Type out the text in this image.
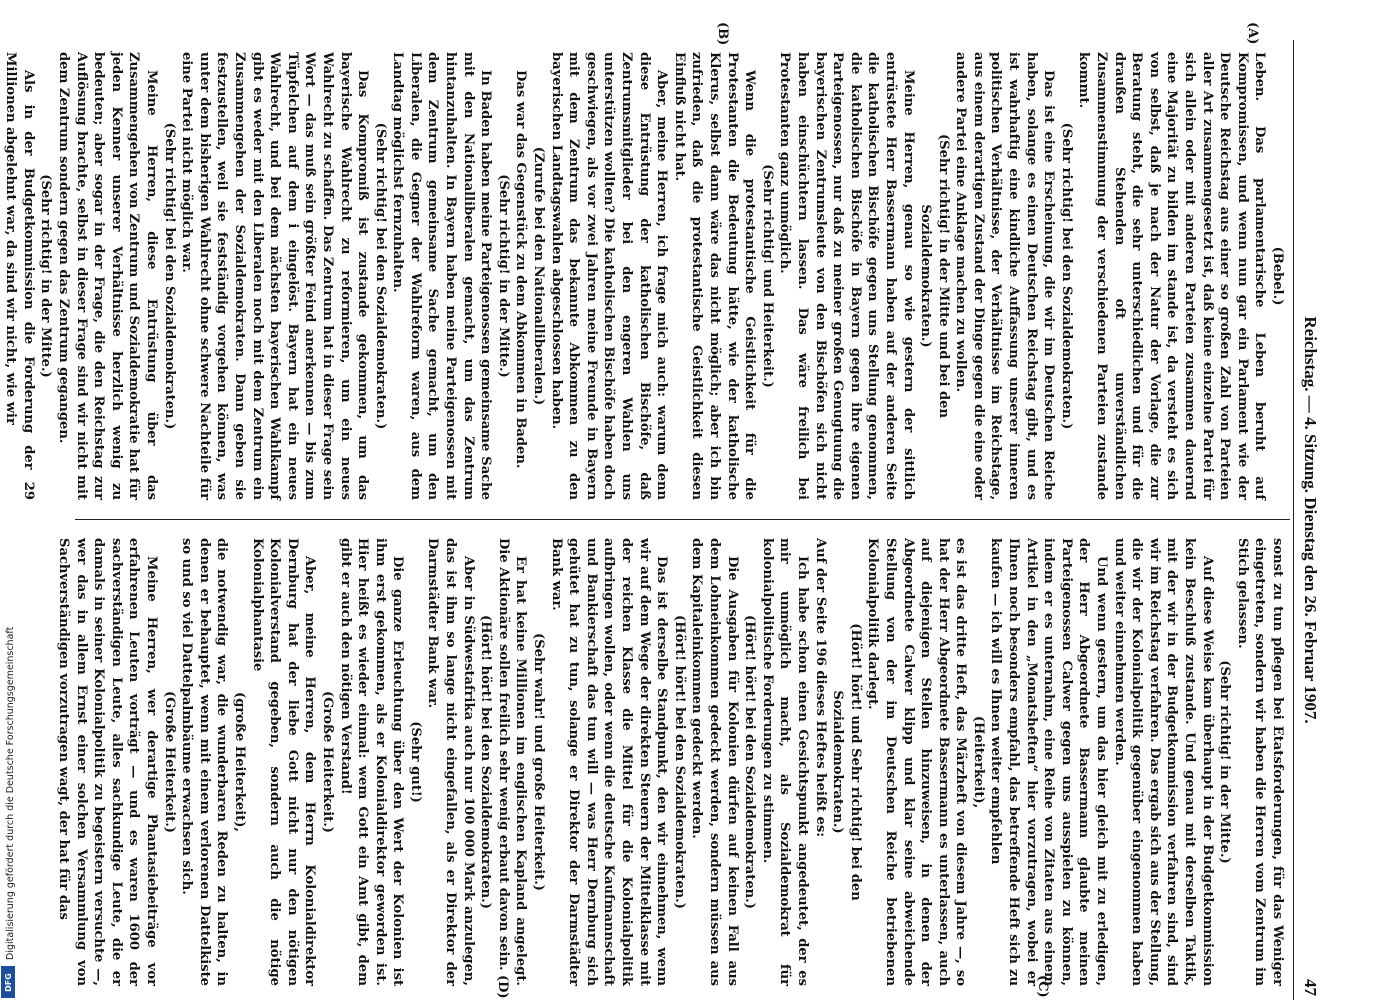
Digitalisierung gefördert durch die Deutsche Forschungsgemeinschaft
DFG
Reichstag. — 4. Sitzung. Dienstag den 26. Februar 1907.
47
(A)
(B)
(C)
(D)

(Bebel.)

Leben. Das parlamentarische Leben beruht auf Kompromissen, und wenn nun gar ein Parlament wie der Deutsche Reichstag aus einer so großen Zahl von Parteien aller Art zusammengesetzt ist, daß keine einzelne Partei für sich allein oder mit anderen Parteien zusammen dauernd eine Majorität zu bilden im stande ist, da versteht es sich von selbst, daß je nach der Natur der Vorlage, die zur Beratung steht, die sehr unterschiedlichen und für die draußen Stehenden oft unverständlichen Zusammenstimmung der verschiedenen Parteien zustande kommt.

(Sehr richtig! bei den Sozialdemokraten.)

Das ist eine Erscheinung, die wir im Deutschen Reiche haben, solange es einen Deutschen Reichstag gibt, und es ist wahrhaftig eine kindliche Auffassung unserer inneren politischen Verhältnisse, der Verhältnisse im Reichstage, aus einem derartigen Zustand der Dinge gegen die eine oder andere Partei eine Anklage machen zu wollen.

(Sehr richtig! in der Mitte und bei den Sozialdemokraten.)

Meine Herren, genau so wie gestern der sittlich entrüstete Herr Bassermann haben auf der anderen Seite die katholischen Bischöfe gegen uns Stellung genommen, die katholischen Bischöfe in Bayern gegen ihre eigenen Parteigenossen, nur daß zu meiner großen Genugtuung die bayerischen Zentrumsleute von den Bischöfen sich nicht haben einschüchtern lassen. Das wäre freilich bei Protestanten ganz unmöglich.

(Sehr richtig! und Heiterkeit.)

Wenn die protestantische Geistlichkeit für die Protestanten die Bedeutung hätte, wie der katholische Klerus, selbst dann wäre das nicht möglich; aber ich bin zufrieden, daß die protestantische Geistlichkeit diesen Einfluß nicht hat.

Aber, meine Herren, ich frage mich auch: warum denn diese Entrüstung der katholischen Bischöfe, daß Zentrumsmitglieder bei den engeren Wahlen uns unterstützen wollten? Die katholischen Bischöfe haben doch geschwiegen, als vor zwei Jahren meine Freunde in Bayern mit dem Zentrum das bekannte Abkommen zu den bayerischen Landtagswahlen abgeschlossen haben.

(Zurufe bei den Nationalliberalen.)

Das war das Gegenstück zu dem Abkommen in Baden.

(Sehr richtig! in der Mitte.)

In Baden haben meine Parteigenossen gemeinsame Sache mit den Nationalliberalen gemacht, um das Zentrum hintanzuhalten. In Bayern haben meine Parteigenossen mit dem Zentrum gemeinsame Sache gemacht, um den Liberalen, die Gegner der Wahlreform waren, aus dem Landtag möglichst fernzuhalten.

(Sehr richtig! bei den Sozialdemokraten.)

Das Kompromiß ist zustande gekommen, um das bayerische Wahlrecht zu reformieren, um ein neues Wahlrecht zu schaffen. Das Zentrum hat in dieser Frage sein Wort — das muß sein größter Feind anerkennen — bis zum Tüpfelchen auf dem i eingelöst. Bayern hat ein neues Wahlrecht, und bei dem nächsten bayerischen Wahlkampf gibt es weder mit den Liberalen noch mit dem Zentrum ein Zusammengehen der Sozialdemokraten. Dann geben sie festzustellen, weil sie festständig vorgehen können, was unter dem bisherigen Wahlrecht ohne schwere Nachteile für eine Partei nicht möglich war.

(Sehr richtig! bei den Sozialdemokraten.)

Meine Herren, diese Entrüstung über das Zusammengehen von Zentrum und Sozialdemokratie hat für jeden Kenner unserer Verhältnisse herzlich wenig zu bedeuten; aber sogar in der Frage, die den Reichstag zur Auflösung brachte, selbst in dieser Frage sind wir nicht mit dem Zentrum sondern gegen das Zentrum gegangen.

(Sehr richtig! in der Mitte.)

Als in der Budgetkommission die Forderung der 29 Millionen abgelehnt war, da sind wir nicht, wie wir

sonst zu tun pflegen bei Etatsforderungen, für das Weniger eingetreten, sondern wir haben die Herren vom Zentrum im Stich gelassen.

(Sehr richtig! in der Mitte.)

Auf diese Weise kam überhaupt in der Budgetkommission kein Beschluß zustande. Und genau mit derselben Taktik, mit der wir in der Budgetkommission verfahren sind, sind wir im Reichstag verfahren. Das ergab sich aus der Stellung, die wir der Kolonialpolitik gegenüber eingenommen haben und weiter einnehmen werden.

Und wenn gestern, um das hier gleich mit zu erledigen, der Herr Abgeordnete Bassermann glaubte meinen Parteigenossen Calwer gegen uns ausspielen zu können, indem er es unternahm, eine Reihe von Zitaten aus einem Artikel in den „Monatsheften“ hier vorzutragen, wobei er Ihnen noch besonders empfahl, das betreffende Heft sich zu kaufen — ich will es Ihnen weiter empfehlen

(Heiterkeit),

es ist das dritte Heft, das Märzheft von diesem Jahre —, so hat der Herr Abgeordnete Bassermann es unterlassen, auch auf diejenigen Stellen hinzuweisen, in denen der Abgeordnete Calwer klipp und klar seine abweichende Stellung von der im Deutschen Reiche betriebenen Kolonialpolitik darlegt.

(Hört! hört! und Sehr richtig! bei den Sozialdemokraten.)

Auf der Seite 196 dieses Heftes heißt es:

Ich habe schon einen Gesichtspunkt angedeutet, der es mir unmöglich macht, als Sozialdemokrat für kolonialpolitische Forderungen zu stimmen.

(Hört! hört! bei den Sozialdemokraten.)

Die Ausgaben für Kolonien dürfen auf keinen Fall aus dem Lohneinkommen gedeckt werden, sondern müssen aus dem Kapitaleinkommen gedeckt werden.

(Hört! hört! bei den Sozialdemokraten.)

Das ist derselbe Standpunkt, den wir einnehmen, wenn wir auf dem Wege der direkten Steuern der Mittelklasse mit der reichen Klasse die Mittel für die Kolonialpolitik aufbringen wollen, oder wenn die deutsche Kaufmannschaft und Bankierschaft das tun will — was Herr Dernburg sich gehütet hat zu tun, solange er Direktor der Darmstädter Bank war.

(Sehr wahr! und große Heiterkeit.)

Er hat keine Millionen im englischen Kapland angelegt. Die Aktionäre sollen freilich sehr wenig erbaut davon sein.

(Hört! hört! bei den Sozialdemokraten.)

Aber in Südwestafrika auch nur 100 000 Mark anzulegen, das ist ihm so lange nicht eingefallen, als er Direktor der Darmstädter Bank war.

(Sehr gut!)

Die ganze Erleuchtung über den Wert der Kolonien ist ihm erst gekommen, als er Kolonialdirektor geworden ist. Hier heißt es wieder einmal: wem Gott ein Amt gibt, dem gibt er auch den nötigen Verstand!

(Große Heiterkeit.)

Aber, meine Herren, dem Herrn Kolonialdirektor Dernburg hat der liebe Gott nicht nur den nötigen Kolonialverstand gegeben, sondern auch die nötige Kolonialphantasie

(große Heiterkeit),

die notwendig war, die wunderbaren Reden zu halten, in denen er behauptet, wenn mit einem verlorenen Dattelkiste so und so viel Dattelpalmbäume erwachsen sich.

(Große Heiterkeit.)

Meine Herren, wer derartige Phantasiebeiträge vor erfahrenen Leuten vorträgt — und es waren 1600 der sachverständigen Leute, alles sachkundige Leute, die er damals in seiner Kolonialpolitik zu begeistern versuchte —, wer das in allem Ernst einer solchen Versammlung von Sachverständigen vorzutragen wagt, der hat für das
